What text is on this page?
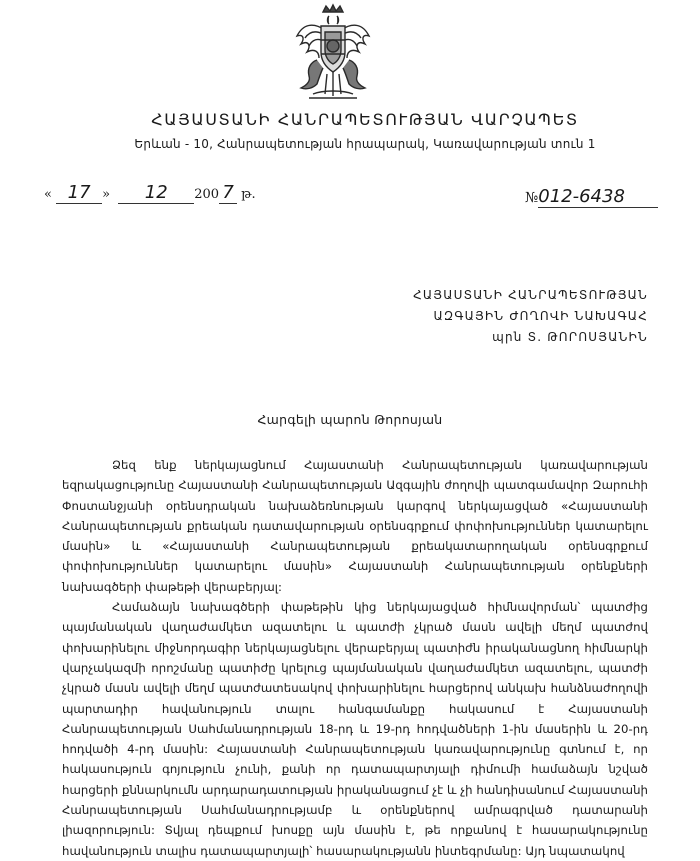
ՀԱՅԱՍՏԱՆԻ ՀԱՆՐԱՊԵՏՈՒԹՅԱՆ ՎԱՐՉԱՊԵՏ
Երևան - 10, Հանրապետության հրապարակ, Կառավարության տուն 1
« 17 » 12 200 7 թ.	№012-6438
ՀԱՅԱՍՏԱՆԻ ՀԱՆՐԱՊԵՏՈՒԹՅԱՆ
ԱԶԳԱՅԻՆ ԺՈՂՈՎԻ ՆԱԽԱԳԱՀ
պրն Տ. ԹՈՐՈՍՅԱՆԻՆ
Հարգելի պարոն Թորոսյան

Ձեզ ենք ներկայացնում Հայաստանի Հանրապետության կառավարության եզրակացությունը Հայաստանի Հանրապետության Ազգային ժողովի պատգամավոր Զարուհի Փոստանջյանի օրենսդրական նախաձեռնության կարգով ներկայացված «Հայաստանի Հանրապետության քրեական դատավարության օրենսգրքում փոփոխություններ կատարելու մասին» և «Հայաստանի Հանրապետության քրեակատարողական օրենսգրքում փոփոխություններ կատարելու մասին» Հայաստանի Հանրապետության օրենքների նախագծերի փաթեթի վերաբերյալ:

Համաձայն նախագծերի փաթեթին կից ներկայացված հիմնավորման՝ պատժից պայմանական վաղաժամկետ ազատելու և պատժի չկրած մասն ավելի մեղմ պատժով փոխարինելու միջնորդագիր ներկայացնելու վերաբերյալ պատիժն իրականացնող հիմնարկի վարչակազմի որոշմանը պատիժը կրելուց պայմանական վաղաժամկետ ազատելու, պատժի չկրած մասն ավելի մեղմ պատժատեսակով փոխարինելու հարցերով անկախ հանձնաժողովի պարտադիր հավանություն տալու հանգամանքը հակասում է Հայաստանի Հանրապետության Սահմանադրության 18-րդ և 19-րդ հոդվածների 1-ին մասերին և 20-րդ հոդվածի 4-րդ մասին: Հայաստանի Հանրապետության կառավարությունը գտնում է, որ հակասություն գոյություն չունի, քանի որ դատապարտյալի դիմումի համաձայն նշված հարցերի քննարկումն արդարադատության իրականացում չէ և չի հանդիսանում Հայաստանի Հանրապետության Սահմանադրությամբ և օրենքներով ամրագրված դատարանի լիազորություն: Տվյալ դեպքում խոսքը այն մասին է, թե որքանով է հասարակությունը հավանություն տալիս դատապարտյալի՝ հասարակությանն ինտեգրմանը: Այդ նպատակով
